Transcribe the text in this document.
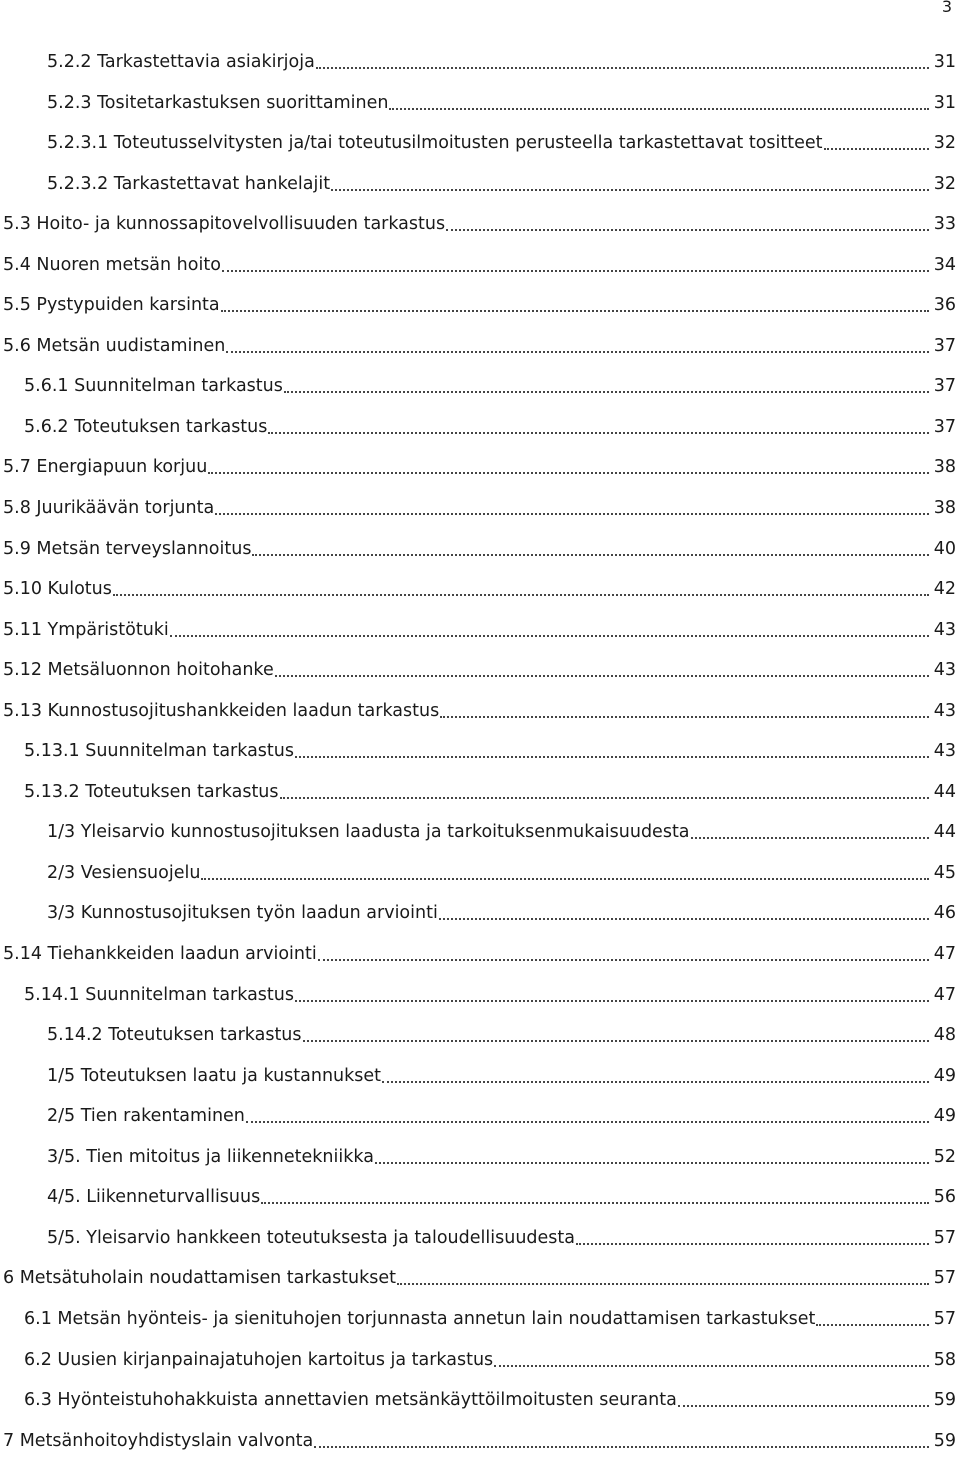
3
5.2.2 Tarkastettavia asiakirjoja	31
5.2.3 Tositetarkastuksen suorittaminen	31
5.2.3.1 Toteutusselvitysten ja/tai toteutusilmoitusten perusteella tarkastettavat tositteet	32
5.2.3.2 Tarkastettavat hankelajit	32
5.3 Hoito- ja kunnossapitovelvollisuuden tarkastus	33
5.4 Nuoren metsän hoito	34
5.5 Pystypuiden karsinta	36
5.6 Metsän uudistaminen	37
5.6.1 Suunnitelman tarkastus	37
5.6.2 Toteutuksen tarkastus	37
5.7 Energiapuun korjuu	38
5.8 Juurikäävän torjunta	38
5.9 Metsän terveyslannoitus	40
5.10 Kulotus	42
5.11 Ympäristötuki	43
5.12 Metsäluonnon hoitohanke	43
5.13 Kunnostusojitushankkeiden laadun tarkastus	43
5.13.1 Suunnitelman tarkastus	43
5.13.2 Toteutuksen tarkastus	44
1/3 Yleisarvio kunnostusojituksen laadusta ja tarkoituksenmukaisuudesta	44
2/3 Vesiensuojelu	45
3/3 Kunnostusojituksen työn laadun arviointi	46
5.14 Tiehankkeiden laadun arviointi	47
5.14.1 Suunnitelman tarkastus	47
5.14.2 Toteutuksen tarkastus	48
1/5 Toteutuksen laatu ja kustannukset	49
2/5 Tien rakentaminen	49
3/5. Tien mitoitus ja liikennetekniikka	52
4/5. Liikenneturvallisuus	56
5/5. Yleisarvio hankkeen toteutuksesta ja taloudellisuudesta	57
6 Metsätuholain noudattamisen tarkastukset	57
6.1 Metsän hyönteis- ja sienituhojen torjunnasta annetun lain noudattamisen tarkastukset	57
6.2 Uusien kirjanpainajatuhojen kartoitus ja tarkastus	58
6.3 Hyönteistuhohakkuista annettavien metsänkäyttöilmoitusten seuranta	59
7 Metsänhoitoyhdistyslain valvonta	59
